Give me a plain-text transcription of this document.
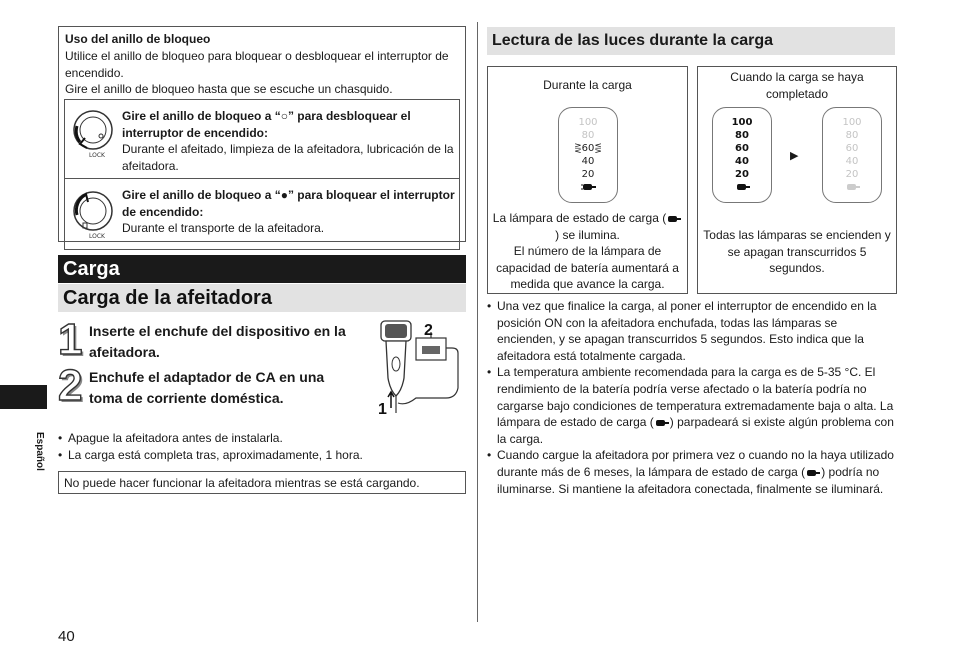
Uso del anillo de bloqueo
Utilice el anillo de bloqueo para bloquear o desbloquear el interruptor de encendido.
Gire el anillo de bloqueo hasta que se escuche un chasquido.
LOCK
Gire el anillo de bloqueo a “○” para desbloquear el interruptor de encendido:
Durante el afeitado, limpieza de la afeitadora, lubricación de la afeitadora.
LOCK
Gire el anillo de bloqueo a “●” para bloquear el interruptor de encendido:
Durante el transporte de la afeitadora.
Carga
Carga de la afeitadora
1 Inserte el enchufe del dispositivo en la afeitadora.
2 Enchufe el adaptador de CA en una toma de corriente doméstica.
2
1
• Apague la afeitadora antes de instalarla.
• La carga está completa tras, aproximadamente, 1 hora.
No puede hacer funcionar la afeitadora mientras se está cargando.
Español
40
Lectura de las luces durante la carga
Durante la carga
100
80
⋛60⋚
40
20
La lámpara de estado de carga () se ilumina.
El número de la lámpara de capacidad de batería aumentará a medida que avance la carga.
Cuando la carga se haya completado
100
80
60
40
20
▶
100
80
60
40
20
Todas las lámparas se encienden y se apagan transcurridos 5 segundos.
• Una vez que finalice la carga, al poner el interruptor de encendido en la posición ON con la afeitadora enchufada, todas las lámparas se encienden, y se apagan transcurridos 5 segundos. Esto indica que la afeitadora está totalmente cargada.
• La temperatura ambiente recomendada para la carga es de 5-35 °C. El rendimiento de la batería podría verse afectado o la batería podría no cargarse bajo condiciones de temperatura extremadamente baja o alta. La lámpara de estado de carga ( ) parpadeará si existe algún problema con la carga.
• Cuando cargue la afeitadora por primera vez o cuando no la haya utilizado durante más de 6 meses, la lámpara de estado de carga ( ) podría no iluminarse. Si mantiene la afeitadora conectada, finalmente se iluminará.
